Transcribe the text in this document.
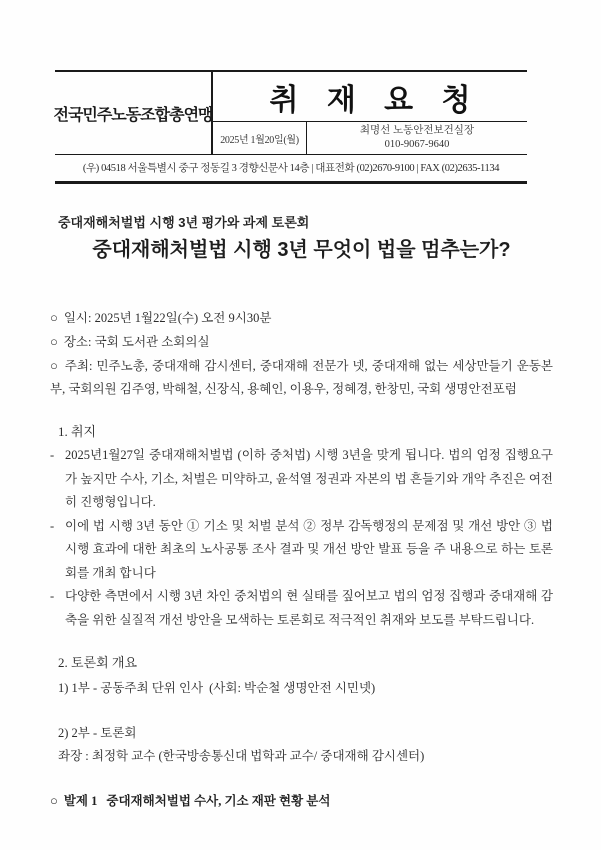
전국민주노동조합총연맹	취 재 요 청
2025년 1월20일(월)
최명선 노동안전보건실장
010-9067-9640
(우) 04518 서울특별시 중구 정동길 3 경향신문사 14층 | 대표전화 (02)2670-9100 | FAX (02)2635-1134
중대재해처벌법 시행 3년 평가와 과제 토론회
중대재해처벌법 시행 3년 무엇이 법을 멈추는가?

○ 일시: 2025년 1월22일(수) 오전 9시30분

○ 장소: 국회 도서관 소회의실

○ 주최: 민주노총, 중대재해 감시센터, 중대재해 전문가 넷, 중대재해 없는 세상만들기 운동본부, 국회의원 김주영, 박해철, 신장식, 용혜인, 이용우, 정혜경, 한창민, 국회 생명안전포럼

1. 취지

- 2025년1월27일 중대재해처벌법 (이하 중처법) 시행 3년을 맞게 됩니다. 법의 엄정 집행요구가 높지만 수사, 기소, 처벌은 미약하고, 윤석열 정권과 자본의 법 흔들기와 개악 추진은 여전히 진행형입니다.

- 이에 법 시행 3년 동안 ① 기소 및 처벌 분석 ② 정부 감독행정의 문제점 및 개선 방안 ③ 법 시행 효과에 대한 최초의 노사공통 조사 결과 및 개선 방안 발표 등을 주 내용으로 하는 토론회를 개최 합니다

- 다양한 측면에서 시행 3년 차인 중처법의 현 실태를 짚어보고 법의 엄정 집행과 중대재해 감축을 위한 실질적 개선 방안을 모색하는 토론회로 적극적인 취재와 보도를 부탁드립니다.

2. 토론회 개요

1) 1부 - 공동주최 단위 인사 (사회: 박순철 생명안전 시민넷)

2) 2부 - 토론회

좌장 : 최정학 교수 (한국방송통신대 법학과 교수/ 중대재해 감시센터)

○ 발제 1 중대재해처벌법 수사, 기소 재판 현황 분석
